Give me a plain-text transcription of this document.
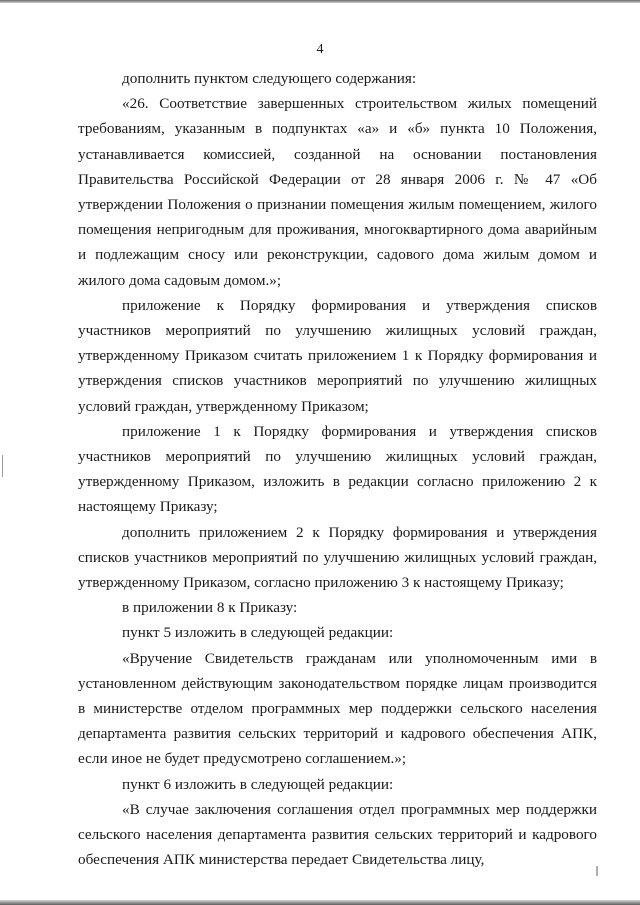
4

дополнить пунктом следующего содержания:

«26. Соответствие завершенных строительством жилых помещений требованиям, указанным в подпунктах «а» и «б» пункта 10 Положения, устанавливается комиссией, созданной на основании постановления Правительства Российской Федерации от 28 января 2006 г. № 47 «Об утверждении Положения о признании помещения жилым помещением, жилого помещения непригодным для проживания, многоквартирного дома аварийным и подлежащим сносу или реконструкции, садового дома жилым домом и жилого дома садовым домом.»;

приложение к Порядку формирования и утверждения списков участников мероприятий по улучшению жилищных условий граждан, утвержденному Приказом считать приложением 1 к Порядку формирования и утверждения списков участников мероприятий по улучшению жилищных условий граждан, утвержденному Приказом;

приложение 1 к Порядку формирования и утверждения списков участников мероприятий по улучшению жилищных условий граждан, утвержденному Приказом, изложить в редакции согласно приложению 2 к настоящему Приказу;

дополнить приложением 2 к Порядку формирования и утверждения списков участников мероприятий по улучшению жилищных условий граждан, утвержденному Приказом, согласно приложению 3 к настоящему Приказу;

в приложении 8 к Приказу:

пункт 5 изложить в следующей редакции:

«Вручение Свидетельств гражданам или уполномоченным ими в установленном действующим законодательством порядке лицам производится в министерстве отделом программных мер поддержки сельского населения департамента развития сельских территорий и кадрового обеспечения АПК, если иное не будет предусмотрено соглашением.»;

пункт 6 изложить в следующей редакции:

«В случае заключения соглашения отдел программных мер поддержки сельского населения департамента развития сельских территорий и кадрового обеспечения АПК министерства передает Свидетельства лицу,
